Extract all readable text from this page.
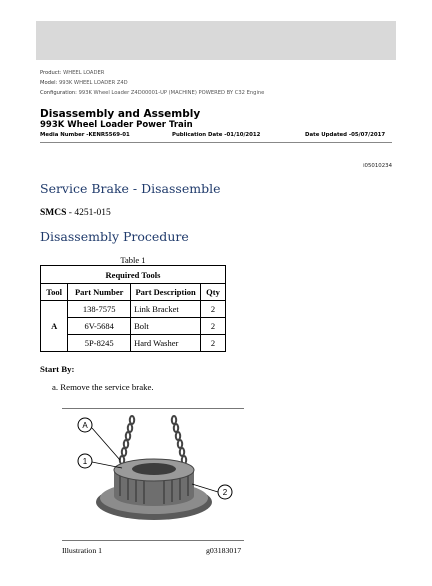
Product: WHEEL LOADER
Model: 993K WHEEL LOADER Z4D
Configuration: 993K Wheel Loader Z4D00001-UP (MACHINE) POWERED BY C32 Engine
Disassembly and Assembly
993K Wheel Loader Power Train
Media Number -KENR5569-01	Publication Date -01/10/2012	Date Updated -05/07/2017
i05010234
Service Brake - Disassemble
SMCS - 4251-015
Disassembly Procedure
Table 1
Required Tools			
Tool	Part Number	Part Description	Qty
A	138-7575	Link Bracket	2
	6V-5684	Bolt	2
	5P-8245	Hard Washer	2
Start By:
a. Remove the service brake.
A
1
2
Illustration 1	g03183017
